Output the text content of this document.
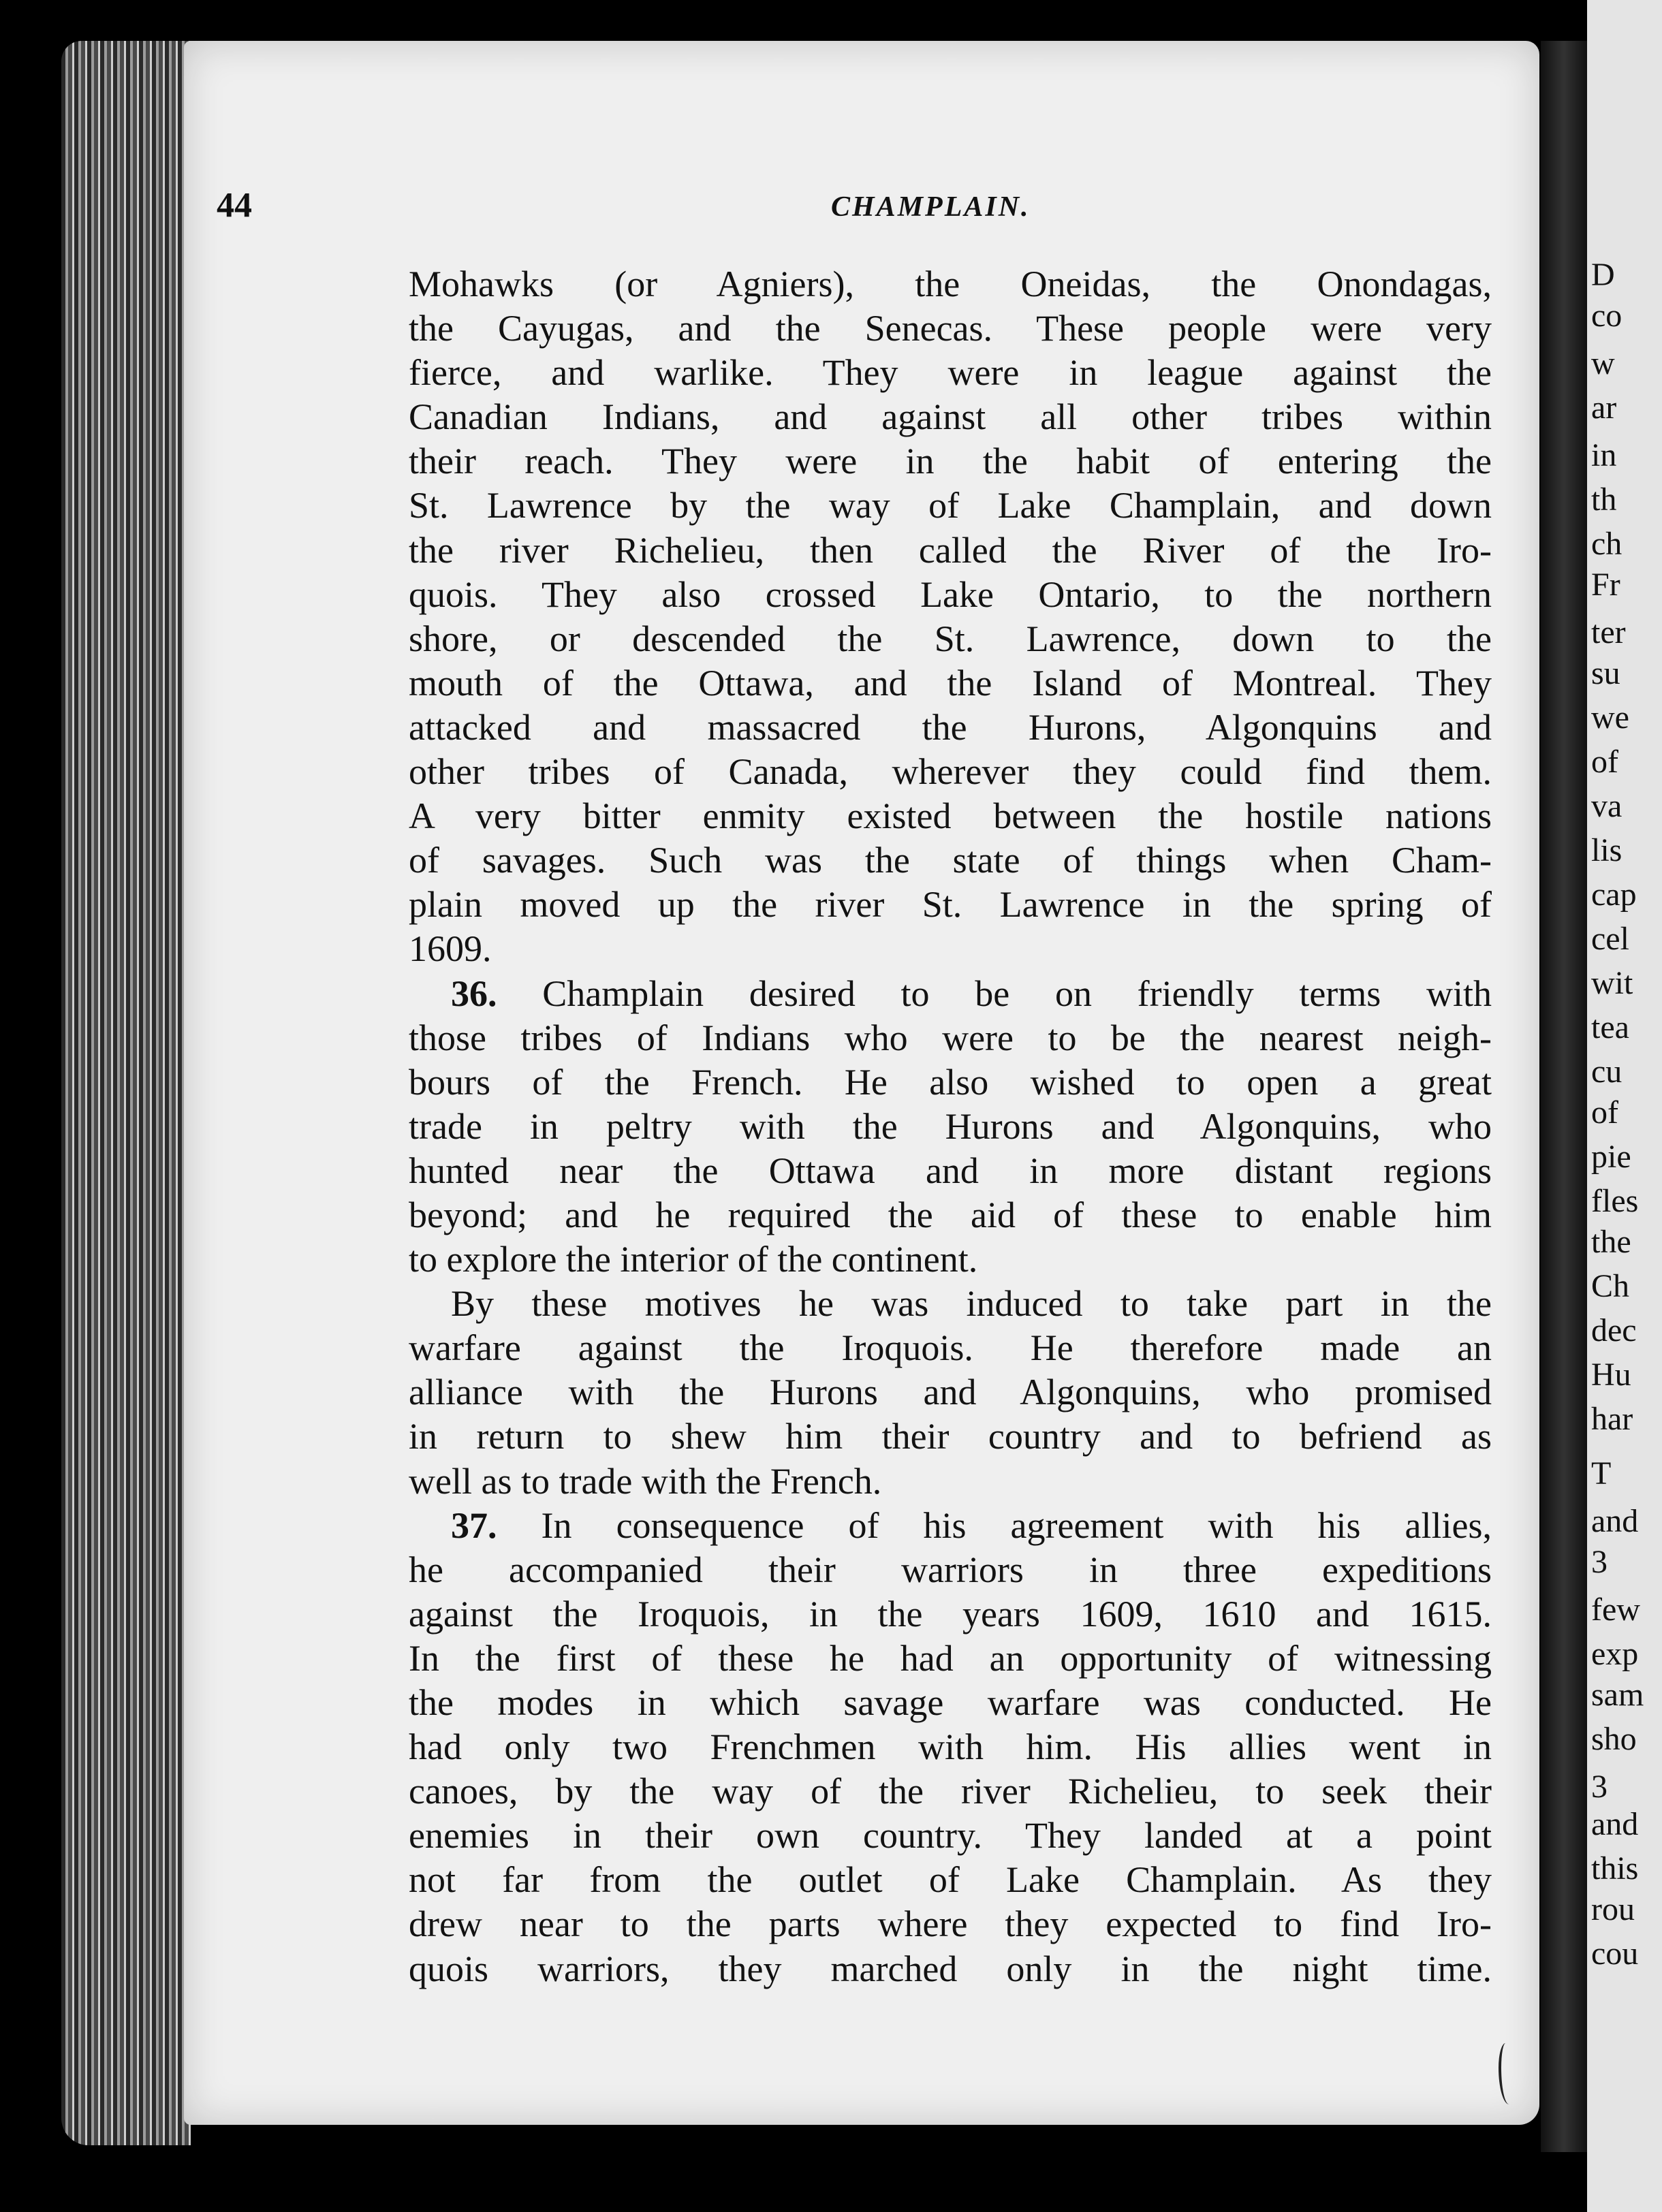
D
co
w
ar
in
th
ch
Fr
ter
su
we
of
va
lis
cap
cel
wit
tea
cu
of
pie
fles
the
Ch
dec
Hu
har
T
and
3
few
exp
sam
sho
3
and
this
rou
cou
44	CHAMPLAIN.
Mohawks (or Agniers), the Oneidas, the Onondagas,
the Cayugas, and the Senecas. These people were very
fierce, and warlike. They were in league against the
Canadian Indians, and against all other tribes within
their reach. They were in the habit of entering the
St. Lawrence by the way of Lake Champlain, and down
the river Richelieu, then called the River of the Iro-
quois. They also crossed Lake Ontario, to the northern
shore, or descended the St. Lawrence, down to the
mouth of the Ottawa, and the Island of Montreal. They
attacked and massacred the Hurons, Algonquins and
other tribes of Canada, wherever they could find them.
A very bitter enmity existed between the hostile nations
of savages. Such was the state of things when Cham-
plain moved up the river St. Lawrence in the spring of
1609.
36. Champlain desired to be on friendly terms with
those tribes of Indians who were to be the nearest neigh-
bours of the French. He also wished to open a great
trade in peltry with the Hurons and Algonquins, who
hunted near the Ottawa and in more distant regions
beyond; and he required the aid of these to enable him
to explore the interior of the continent.
By these motives he was induced to take part in the
warfare against the Iroquois. He therefore made an
alliance with the Hurons and Algonquins, who promised
in return to shew him their country and to befriend as
well as to trade with the French.
37. In consequence of his agreement with his allies,
he accompanied their warriors in three expeditions
against the Iroquois, in the years 1609, 1610 and 1615.
In the first of these he had an opportunity of witnessing
the modes in which savage warfare was conducted. He
had only two Frenchmen with him. His allies went in
canoes, by the way of the river Richelieu, to seek their
enemies in their own country. They landed at a point
not far from the outlet of Lake Champlain. As they
drew near to the parts where they expected to find Iro-
quois warriors, they marched only in the night time.
